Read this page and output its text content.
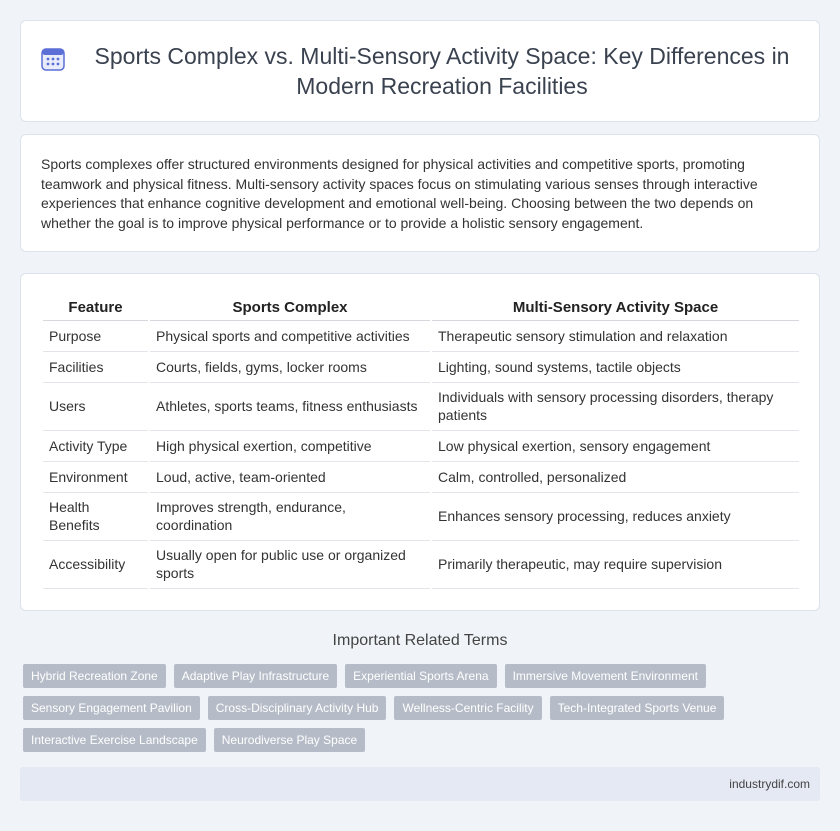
Sports Complex vs. Multi-Sensory Activity Space: Key Differences in Modern Recreation Facilities

Sports complexes offer structured environments designed for physical activities and competitive sports, promoting teamwork and physical fitness. Multi-sensory activity spaces focus on stimulating various senses through interactive experiences that enhance cognitive development and emotional well-being. Choosing between the two depends on whether the goal is to improve physical performance or to provide a holistic sensory engagement.

Feature	Sports Complex	Multi-Sensory Activity Space
Purpose	Physical sports and competitive activities	Therapeutic sensory stimulation and relaxation
Facilities	Courts, fields, gyms, locker rooms	Lighting, sound systems, tactile objects
Users	Athletes, sports teams, fitness enthusiasts	Individuals with sensory processing disorders, therapy patients
Activity Type	High physical exertion, competitive	Low physical exertion, sensory engagement
Environment	Loud, active, team-oriented	Calm, controlled, personalized
Health Benefits	Improves strength, endurance, coordination	Enhances sensory processing, reduces anxiety
Accessibility	Usually open for public use or organized sports	Primarily therapeutic, may require supervision
Important Related Terms
Hybrid Recreation Zone	Adaptive Play Infrastructure	Experiential Sports Arena	Immersive Movement Environment
Sensory Engagement Pavilion	Cross-Disciplinary Activity Hub	Wellness-Centric Facility	Tech-Integrated Sports Venue
Interactive Exercise Landscape	Neurodiverse Play Space
industrydif.com
